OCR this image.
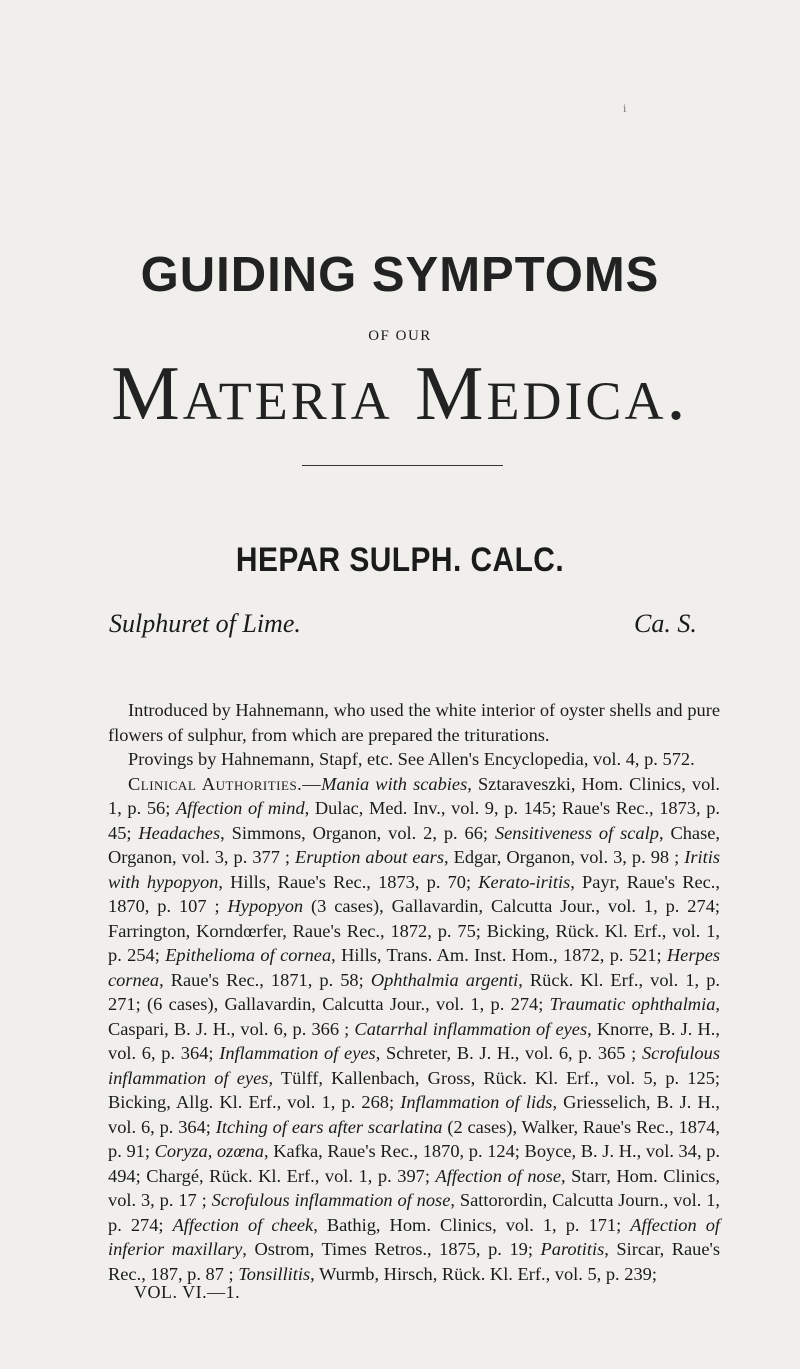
i
GUIDING SYMPTOMS
OF OUR
Materia Medica.
HEPAR SULPH. CALC.
Sulphuret of Lime.	Ca. S.

Introduced by Hahnemann, who used the white interior of oyster shells and pure flowers of sulphur, from which are prepared the triturations.

Provings by Hahnemann, Stapf, etc. See Allen's Encyclopedia, vol. 4, p. 572.

Clinical Authorities.—Mania with scabies, Sztaraveszki, Hom. Clinics, vol. 1, p. 56; Affection of mind, Dulac, Med. Inv., vol. 9, p. 145; Raue's Rec., 1873, p. 45; Headaches, Simmons, Organon, vol. 2, p. 66; Sensitiveness of scalp, Chase, Organon, vol. 3, p. 377 ; Eruption about ears, Edgar, Organon, vol. 3, p. 98 ; Iritis with hypopyon, Hills, Raue's Rec., 1873, p. 70; Kerato-iritis, Payr, Raue's Rec., 1870, p. 107 ; Hypopyon (3 cases), Gallavardin, Calcutta Jour., vol. 1, p. 274; Farrington, Korndœrfer, Raue's Rec., 1872, p. 75; Bicking, Rück. Kl. Erf., vol. 1, p. 254; Epithelioma of cornea, Hills, Trans. Am. Inst. Hom., 1872, p. 521; Herpes cornea, Raue's Rec., 1871, p. 58; Ophthalmia argenti, Rück. Kl. Erf., vol. 1, p. 271; (6 cases), Gallavardin, Calcutta Jour., vol. 1, p. 274; Traumatic ophthalmia, Caspari, B. J. H., vol. 6, p. 366 ; Catarrhal inflammation of eyes, Knorre, B. J. H., vol. 6, p. 364; Inflammation of eyes, Schreter, B. J. H., vol. 6, p. 365 ; Scrofulous inflammation of eyes, Tülff, Kallenbach, Gross, Rück. Kl. Erf., vol. 5, p. 125; Bicking, Allg. Kl. Erf., vol. 1, p. 268; Inflammation of lids, Griesselich, B. J. H., vol. 6, p. 364; Itching of ears after scarlatina (2 cases), Walker, Raue's Rec., 1874, p. 91; Coryza, ozœna, Kafka, Raue's Rec., 1870, p. 124; Boyce, B. J. H., vol. 34, p. 494; Chargé, Rück. Kl. Erf., vol. 1, p. 397; Affection of nose, Starr, Hom. Clinics, vol. 3, p. 17 ; Scrofulous inflammation of nose, Sattorordin, Calcutta Journ., vol. 1, p. 274; Affection of cheek, Bathig, Hom. Clinics, vol. 1, p. 171; Affection of inferior maxillary, Ostrom, Times Retros., 1875, p. 19; Parotitis, Sircar, Raue's Rec., 187, p. 87 ; Tonsillitis, Wurmb, Hirsch, Rück. Kl. Erf., vol. 5, p. 239;

VOL. VI.—1.
